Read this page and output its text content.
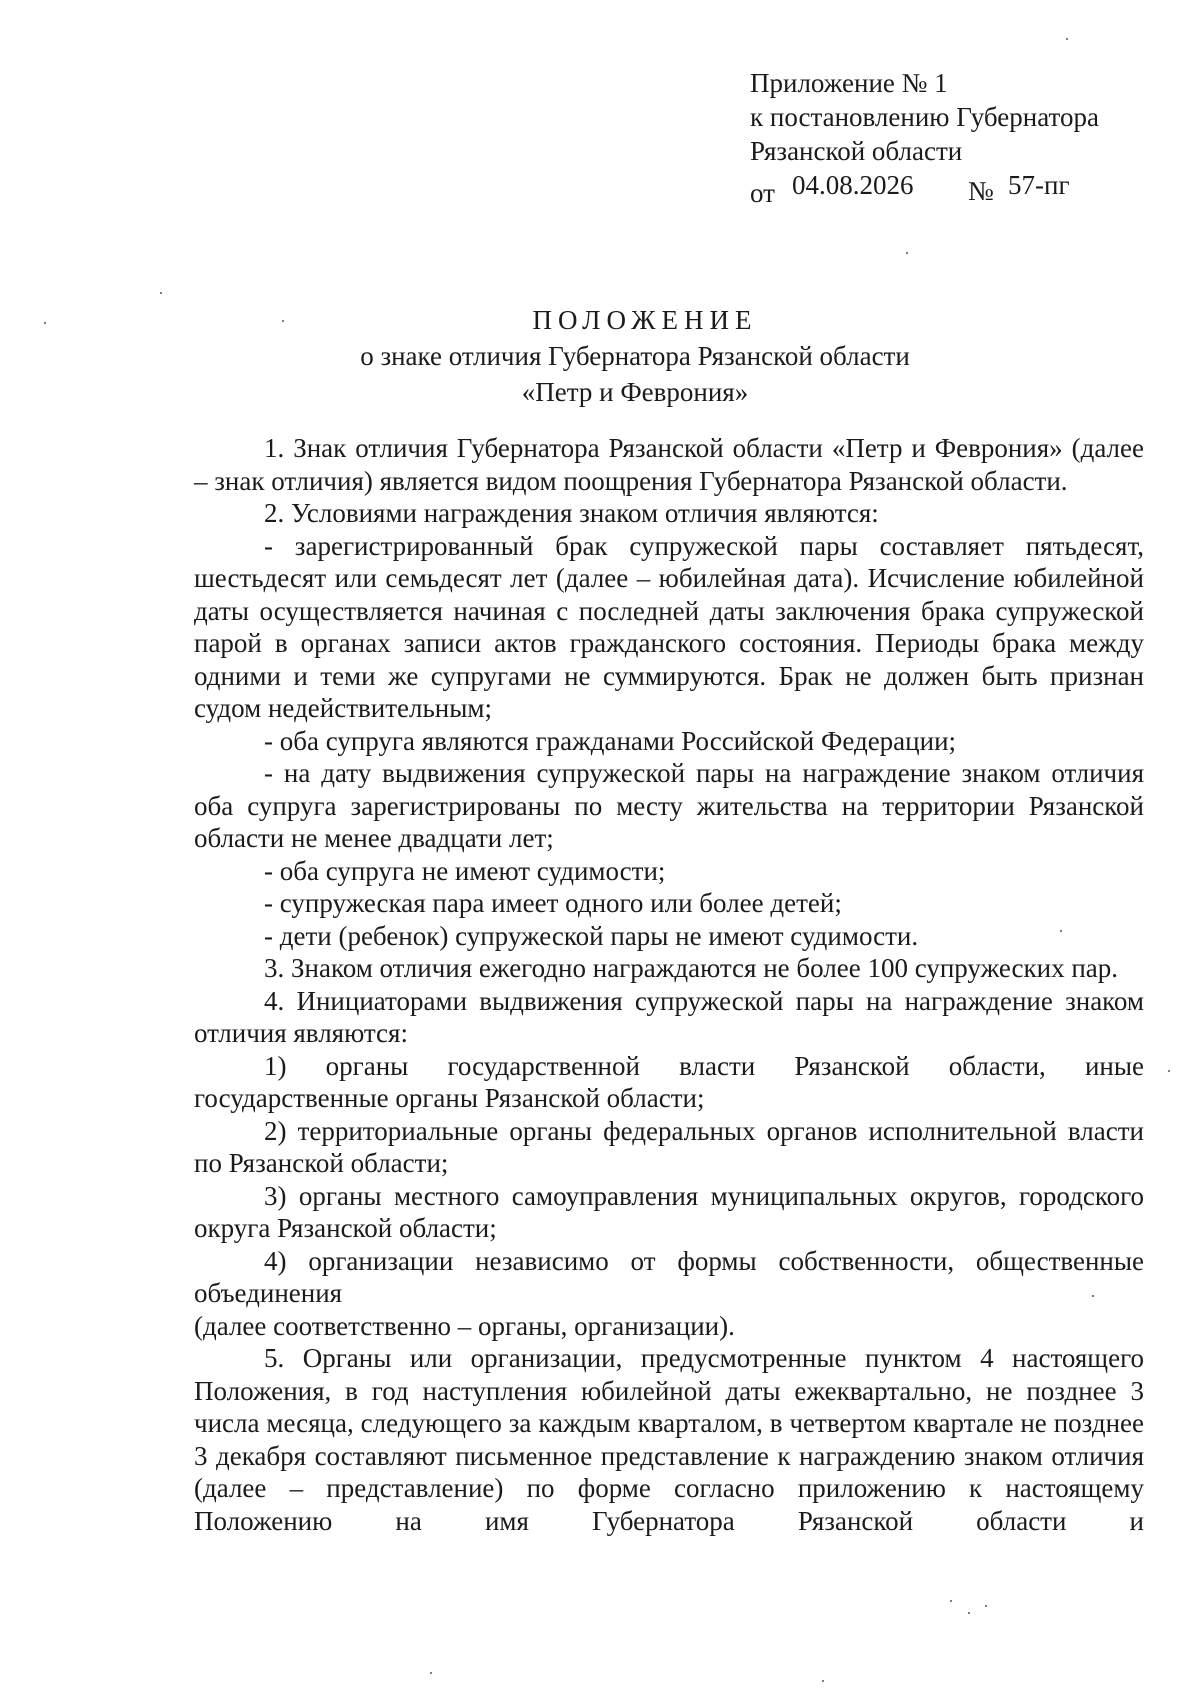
Приложение № 1
к постановлению Губернатора
Рязанской области
от 04.08.2026 № 57-пг
ПОЛОЖЕНИЕ
о знаке отличия Губернатора Рязанской области
«Петр и Феврония»

1. Знак отличия Губернатора Рязанской области «Петр и Феврония» (далее – знак отличия) является видом поощрения Губернатора Рязанской области.

2. Условиями награждения знаком отличия являются:

- зарегистрированный брак супружеской пары составляет пятьдесят, шестьдесят или семьдесят лет (далее – юбилейная дата). Исчисление юбилейной даты осуществляется начиная с последней даты заключения брака супружеской парой в органах записи актов гражданского состояния. Периоды брака между одними и теми же супругами не суммируются. Брак не должен быть признан судом недействительным;

- оба супруга являются гражданами Российской Федерации;

- на дату выдвижения супружеской пары на награждение знаком отличия оба супруга зарегистрированы по месту жительства на территории Рязанской области не менее двадцати лет;

- оба супруга не имеют судимости;

- супружеская пара имеет одного или более детей;

- дети (ребенок) супружеской пары не имеют судимости.

3. Знаком отличия ежегодно награждаются не более 100 супружеских пар.

4. Инициаторами выдвижения супружеской пары на награждение знаком отличия являются:

1) органы государственной власти Рязанской области, иные государственные органы Рязанской области;

2) территориальные органы федеральных органов исполнительной власти по Рязанской области;

3) органы местного самоуправления муниципальных округов, городского округа Рязанской области;

4) организации независимо от формы собственности, общественные объединения

(далее соответственно – органы, организации).

5. Органы или организации, предусмотренные пунктом 4 настоящего Положения, в год наступления юбилейной даты ежеквартально, не позднее 3 числа месяца, следующего за каждым кварталом, в четвертом квартале не позднее 3 декабря составляют письменное представление к награждению знаком отличия (далее – представление) по форме согласно приложению к настоящему Положению на имя Губернатора Рязанской области и
